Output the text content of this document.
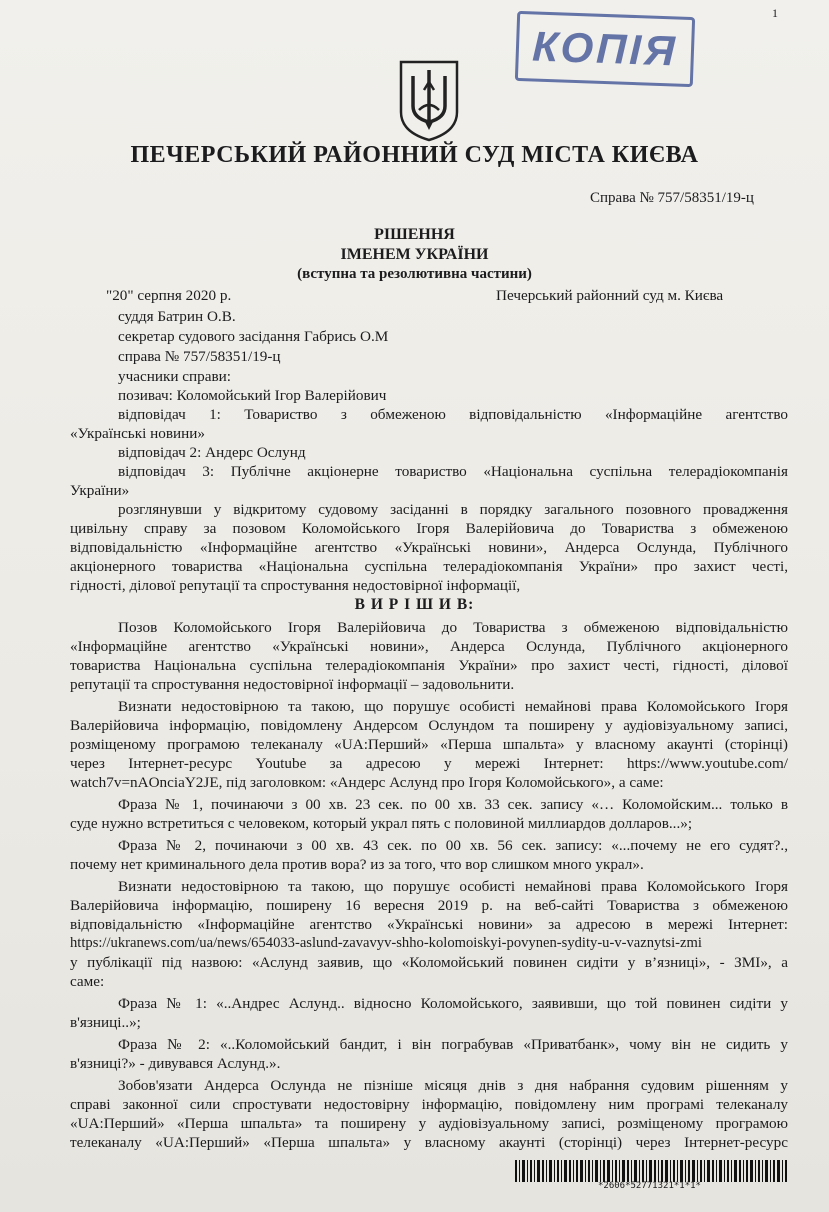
1
КОПІЯ
ПЕЧЕРСЬКИЙ РАЙОННИЙ СУД МІСТА КИЄВА
Справа № 757/58351/19-ц
РІШЕННЯ
ІМЕНЕМ УКРАЇНИ
(вступна та резолютивна частини)
"20" серпня 2020 р.	Печерський районний суд м. Києва
суддя Батрин О.В.
секретар судового засідання Габрись О.М
справа № 757/58351/19-ц
учасники справи:
позивач: Коломойський Ігор Валерійович
відповідач 1: Товариство з обмеженою відповідальністю «Інформаційне агентство
«Українські новини»
відповідач 2: Андерс Ослунд
відповідач 3: Публічне акціонерне товариство «Національна суспільна телерадіокомпанія
України»
розглянувши у відкритому судовому засіданні в порядку загального позовного провадження
цивільну справу за позовом Коломойського Ігоря Валерійовича до Товариства з обмеженою
відповідальністю «Інформаційне агентство «Українські новини», Андерса Ослунда, Публічного
акціонерного товариства «Національна суспільна телерадіокомпанія України» про захист честі,
гідності, ділової репутації та спростування недостовірної інформації,
В И Р І Ш И В:
Позов Коломойського Ігоря Валерійовича до Товариства з обмеженою відповідальністю
«Інформаційне агентство «Українські новини», Андерса Ослунда, Публічного акціонерного
товариства Національна суспільна телерадіокомпанія України» про захист честі, гідності, ділової
репутації та спростування недостовірної інформації – задовольнити.
Визнати недостовірною та такою, що порушує особисті немайнові права Коломойського Ігоря
Валерійовича інформацію, повідомлену Андерсом Ослундом та поширену у аудіовізуальному записі,
розміщеному програмою телеканалу «UA:Перший» «Перша шпальта» у власному акаунті (сторінці)
через Інтернет-ресурс Youtube за адресою у мережі Інтернет: https://www.youtube.com/
watch7v=nAOnciaY2JE, під заголовком: «Андерс Аслунд про Ігоря Коломойського», а саме:
Фраза № 1, починаючи з 00 хв. 23 сек. по 00 хв. 33 сек. запису «… Коломойским... только в
суде нужно встретиться с человеком, который украл пять с половиной миллиардов долларов...»;
Фраза № 2, починаючи з 00 хв. 43 сек. по 00 хв. 56 сек. запису: «...почему не его судят?.,
почему нет криминального дела против вора? из за того, что вор слишком много украл».
Визнати недостовірною та такою, що порушує особисті немайнові права Коломойського Ігоря
Валерійовича інформацію, поширену 16 вересня 2019 р. на веб-сайті Товариства з обмеженою
відповідальністю «Інформаційне агентство «Українські новини» за адресою в мережі Інтернет:
https://ukranews.com/ua/news/654033-aslund-zavavyv-shho-kolomoiskyi-povynen-sydity-u-v-vaznytsi-zmi
у публікації під назвою: «Аслунд заявив, що «Коломойський повинен сидіти у в’язниці», - ЗМІ», а
саме:
Фраза № 1: «..Андрес Аслунд.. відносно Коломойського, заявивши, що той повинен сидіти у
в'язниці..»;
Фраза № 2: «..Коломойський бандит, і він пограбував «Приватбанк», чому він не сидить у
в'язниці?» - дивувався Аслунд.».
Зобов'язати Андерса Ослунда не пізніше місяця днів з дня набрання судовим рішенням у
справі законної сили спростувати недостовірну інформацію, повідомлену ним програмі телеканалу
«UA:Перший» «Перша шпальта» та поширену у аудіовізуальному записі, розміщеному програмою
телеканалу «UA:Перший» «Перша шпальта» у власному акаунті (сторінці) через Інтернет-ресурс
*2606*52771321*1*1*
